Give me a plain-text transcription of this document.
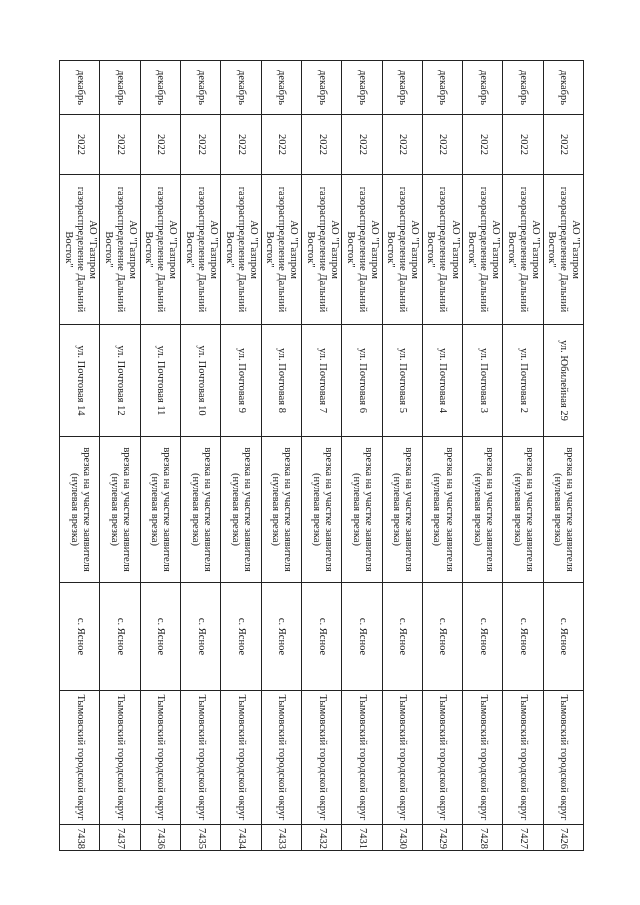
декабрь	2022	АО "Газпром газораспределение Дальний Восток"	ул. Юбилейная 29	врезка на участке заявителя (нулевая врезка)	с. Ясное	Тымовский городской округ	7426
декабрь	2022	АО "Газпром газораспределение Дальний Восток"	ул. Почтовая 2	врезка на участке заявителя (нулевая врезка)	с. Ясное	Тымовский городской округ	7427
декабрь	2022	АО "Газпром газораспределение Дальний Восток"	ул. Почтовая 3	врезка на участке заявителя (нулевая врезка)	с. Ясное	Тымовский городской округ	7428
декабрь	2022	АО "Газпром газораспределение Дальний Восток"	ул. Почтовая 4	врезка на участке заявителя (нулевая врезка)	с. Ясное	Тымовский городской округ	7429
декабрь	2022	АО "Газпром газораспределение Дальний Восток"	ул. Почтовая 5	врезка на участке заявителя (нулевая врезка)	с. Ясное	Тымовский городской округ	7430
декабрь	2022	АО "Газпром газораспределение Дальний Восток"	ул. Почтовая 6	врезка на участке заявителя (нулевая врезка)	с. Ясное	Тымовский городской округ	7431
декабрь	2022	АО "Газпром газораспределение Дальний Восток"	ул. Почтовая 7	врезка на участке заявителя (нулевая врезка)	с. Ясное	Тымовский городской округ	7432
декабрь	2022	АО "Газпром газораспределение Дальний Восток"	ул. Почтовая 8	врезка на участке заявителя (нулевая врезка)	с. Ясное	Тымовский городской округ	7433
декабрь	2022	АО "Газпром газораспределение Дальний Восток"	ул. Почтовая 9	врезка на участке заявителя (нулевая врезка)	с. Ясное	Тымовский городской округ	7434
декабрь	2022	АО "Газпром газораспределение Дальний Восток"	ул. Почтовая 10	врезка на участке заявителя (нулевая врезка)	с. Ясное	Тымовский городской округ	7435
декабрь	2022	АО "Газпром газораспределение Дальний Восток"	ул. Почтовая 11	врезка на участке заявителя (нулевая врезка)	с. Ясное	Тымовский городской округ	7436
декабрь	2022	АО "Газпром газораспределение Дальний Восток"	ул. Почтовая 12	врезка на участке заявителя (нулевая врезка)	с. Ясное	Тымовский городской округ	7437
декабрь	2022	АО "Газпром газораспределение Дальний Восток"	ул. Почтовая 14	врезка на участке заявителя (нулевая врезка)	с. Ясное	Тымовский городской округ	7438
